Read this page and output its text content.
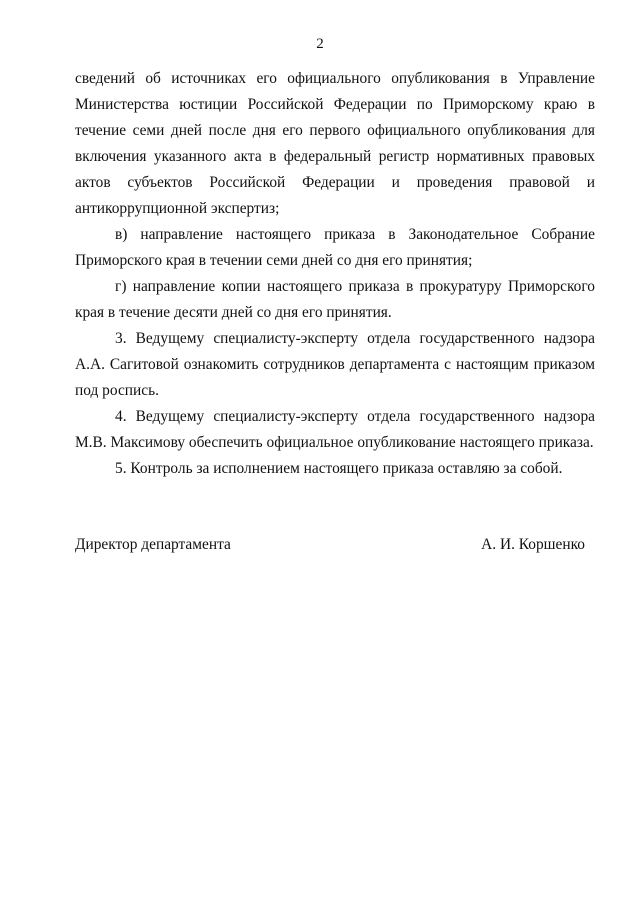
2

сведений об источниках его официального опубликования в Управление Министерства юстиции Российской Федерации по Приморскому краю в течение семи дней после дня его первого официального опубликования для включения указанного акта в федеральный регистр нормативных правовых актов субъектов Российской Федерации и проведения правовой и антикоррупционной экспертиз;

в) направление настоящего приказа в Законодательное Собрание Приморского края в течении семи дней со дня его принятия;

г) направление копии настоящего приказа в прокуратуру Приморского края в течение десяти дней со дня его принятия.

3. Ведущему специалисту-эксперту отдела государственного надзора А.А. Сагитовой ознакомить сотрудников департамента с настоящим приказом под роспись.

4. Ведущему специалисту-эксперту отдела государственного надзора М.В. Максимову обеспечить официальное опубликование настоящего приказа.

5. Контроль за исполнением настоящего приказа оставляю за собой.

Директор департамента	А. И. Коршенко
